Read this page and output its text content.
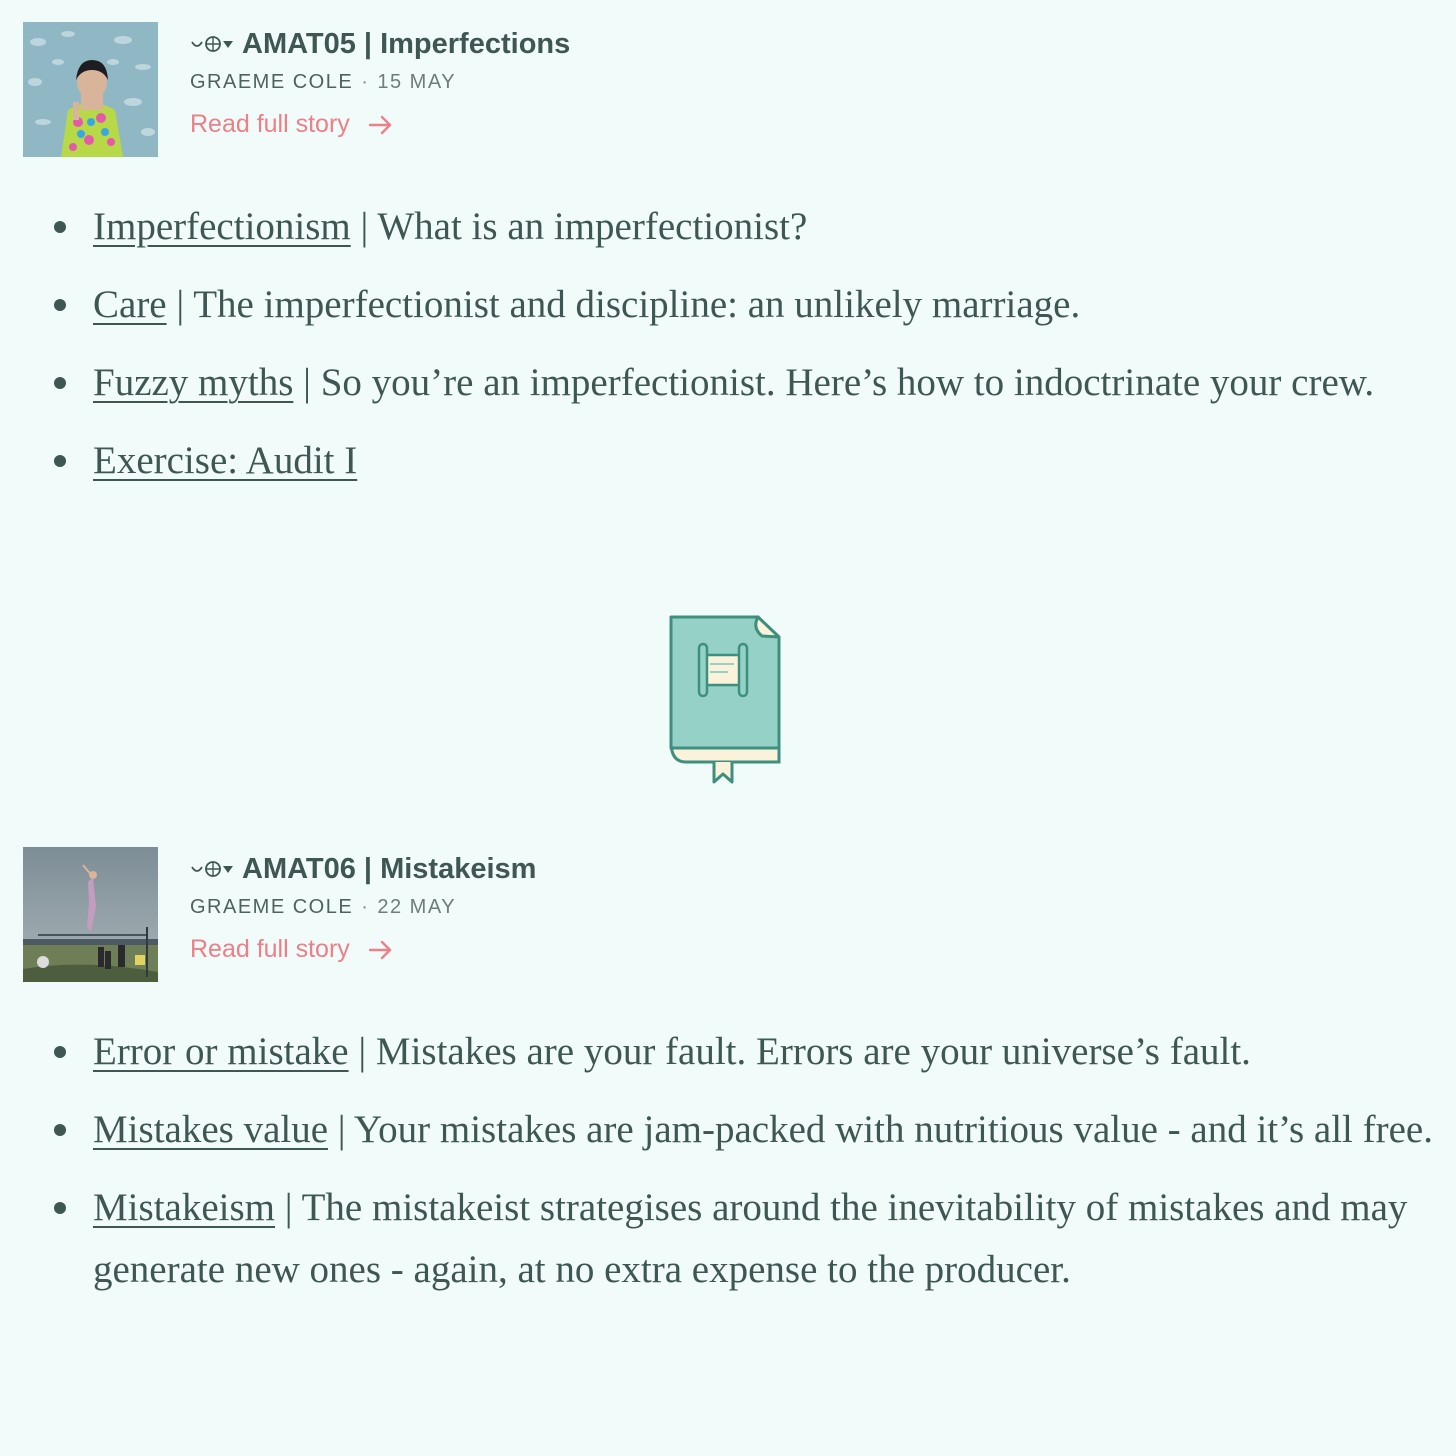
AMAT05 | Imperfections
GRAEME COLE · 15 MAY
Read full story
Imperfectionism | What is an imperfectionist?
Care | The imperfectionist and discipline: an unlikely marriage.
Fuzzy myths | So you’re an imperfectionist. Here’s how to indoctrinate your crew.
Exercise: Audit I
AMAT06 | Mistakeism
GRAEME COLE · 22 MAY
Read full story
Error or mistake | Mistakes are your fault. Errors are your universe’s fault.
Mistakes value | Your mistakes are jam-packed with nutritious value - and it’s all free.
Mistakeism | The mistakeist strategises around the inevitability of mistakes and may generate new ones - again, at no extra expense to the producer.
